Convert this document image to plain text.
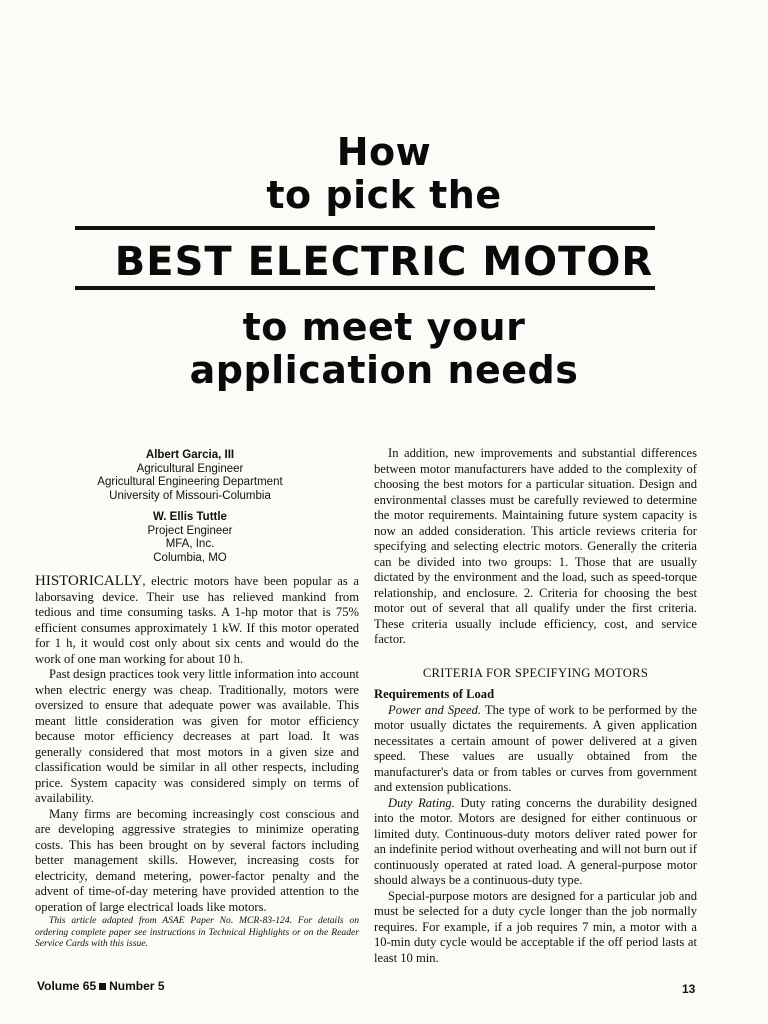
How
to pick the
BEST ELECTRIC MOTOR
to meet your
application needs
Albert Garcia, III
Agricultural Engineer
Agricultural Engineering Department
University of Missouri-Columbia
W. Ellis Tuttle
Project Engineer
MFA, Inc.
Columbia, MO

HISTORICALLY, electric motors have been popular as a laborsaving device. Their use has relieved mankind from tedious and time consuming tasks. A 1-hp motor that is 75% efficient consumes approximately 1 kW. If this motor operated for 1 h, it would cost only about six cents and would do the work of one man working for about 10 h.

Past design practices took very little information into account when electric energy was cheap. Traditionally, motors were oversized to ensure that adequate power was available. This meant little consideration was given for motor efficiency because motor efficiency decreases at part load. It was generally considered that most motors in a given size and classification would be similar in all other respects, including price. System capacity was considered simply on terms of availability.

Many firms are becoming increasingly cost conscious and are developing aggressive strategies to minimize operating costs. This has been brought on by several factors including better management skills. However, increasing costs for electricity, demand metering, power-factor penalty and the advent of time-of-day metering have provided attention to the operation of large electrical loads like motors.

This article adapted from ASAE Paper No. MCR-83-124. For details on ordering complete paper see instructions in Technical Highlights or on the Reader Service Cards with this issue.

In addition, new improvements and substantial differences between motor manufacturers have added to the complexity of choosing the best motors for a particular situation. Design and environmental classes must be carefully reviewed to determine the motor requirements. Maintaining future system capacity is now an added consideration. This article reviews criteria for specifying and selecting electric motors. Generally the criteria can be divided into two groups: 1. Those that are usually dictated by the environment and the load, such as speed-torque relationship, and enclosure. 2. Criteria for choosing the best motor out of several that all qualify under the first criteria. These criteria usually include efficiency, cost, and service factor.

CRITERIA FOR SPECIFYING MOTORS

Requirements of Load

Power and Speed. The type of work to be performed by the motor usually dictates the requirements. A given application necessitates a certain amount of power delivered at a given speed. These values are usually obtained from the manufacturer's data or from tables or curves from government and extension publications.

Duty Rating. Duty rating concerns the durability designed into the motor. Motors are designed for either continuous or limited duty. Continuous-duty motors deliver rated power for an indefinite period without overheating and will not burn out if continuously operated at rated load. A general-purpose motor should always be a continuous-duty type.

Special-purpose motors are designed for a particular job and must be selected for a duty cycle longer than the job normally requires. For example, if a job requires 7 min, a motor with a 10-min duty cycle would be acceptable if the off period lasts at least 10 min.

Volume 65 Number 5	13
